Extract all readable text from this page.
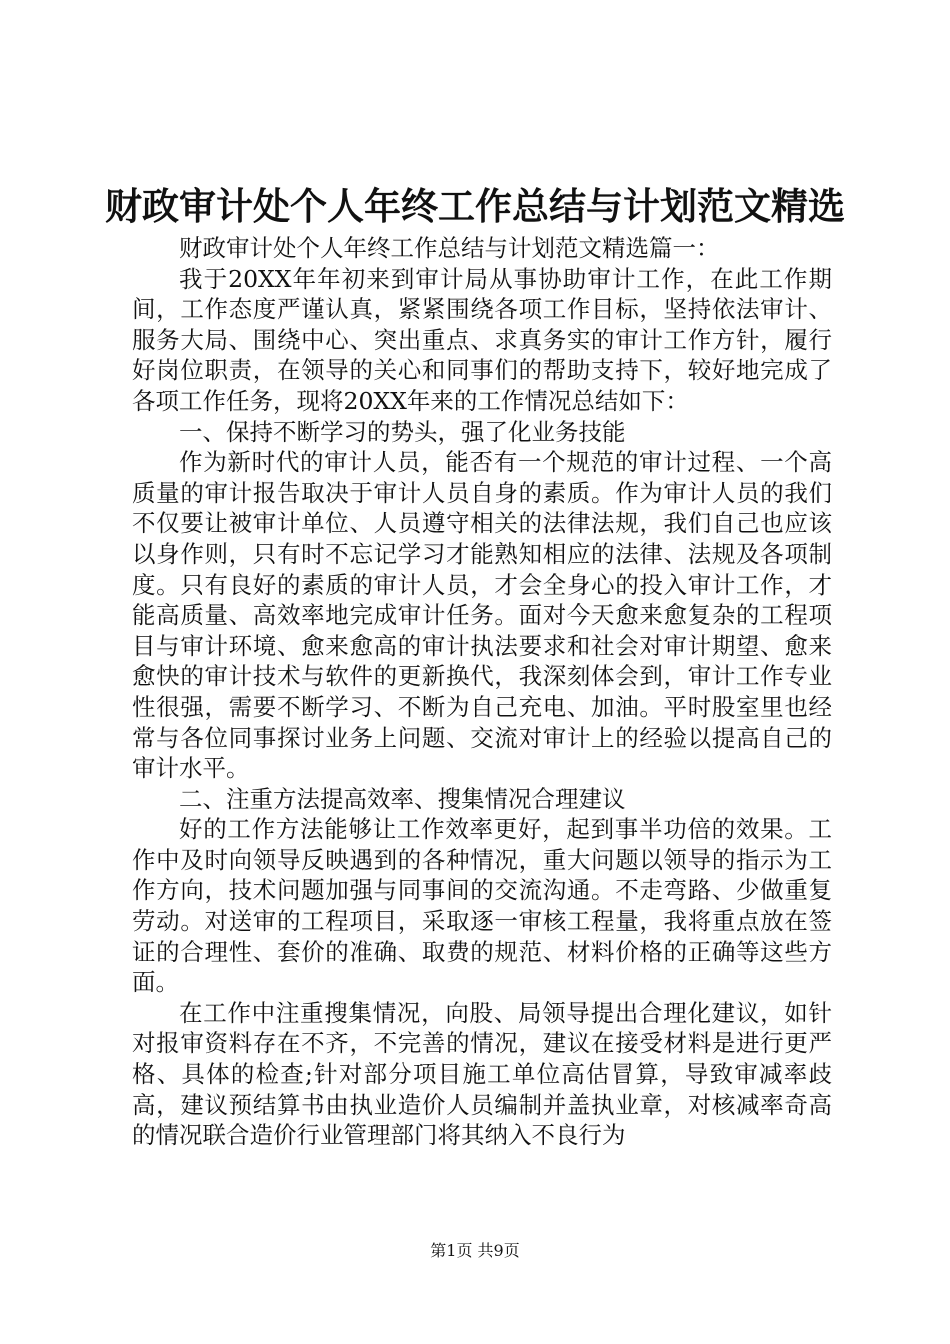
财政审计处个人年终工作总结与计划范文精选

财政审计处个人年终工作总结与计划范文精选篇一：

我于20XX年年初来到审计局从事协助审计工作，在此工作期间，工作态度严谨认真，紧紧围绕各项工作目标，坚持依法审计、服务大局、围绕中心、突出重点、求真务实的审计工作方针，履行好岗位职责，在领导的关心和同事们的帮助支持下，较好地完成了各项工作任务，现将20XX年来的工作情况总结如下：

一、保持不断学习的势头，强了化业务技能

作为新时代的审计人员，能否有一个规范的审计过程、一个高质量的审计报告取决于审计人员自身的素质。作为审计人员的我们不仅要让被审计单位、人员遵守相关的法律法规，我们自己也应该以身作则，只有时不忘记学习才能熟知相应的法律、法规及各项制度。只有良好的素质的审计人员，才会全身心的投入审计工作，才能高质量、高效率地完成审计任务。面对今天愈来愈复杂的工程项目与审计环境、愈来愈高的审计执法要求和社会对审计期望、愈来愈快的审计技术与软件的更新换代，我深刻体会到，审计工作专业性很强，需要不断学习、不断为自己充电、加油。平时股室里也经常与各位同事探讨业务上问题、交流对审计上的经验以提高自己的审计水平。

二、注重方法提高效率、搜集情况合理建议

好的工作方法能够让工作效率更好，起到事半功倍的效果。工作中及时向领导反映遇到的各种情况，重大问题以领导的指示为工作方向，技术问题加强与同事间的交流沟通。不走弯路、少做重复劳动。对送审的工程项目，采取逐一审核工程量，我将重点放在签证的合理性、套价的准确、取费的规范、材料价格的正确等这些方面。

在工作中注重搜集情况，向股、局领导提出合理化建议，如针对报审资料存在不齐，不完善的情况，建议在接受材料是进行更严格、具体的检查;针对部分项目施工单位高估冒算，导致审减率歧高，建议预结算书由执业造价人员编制并盖执业章，对核减率奇高的情况联合造价行业管理部门将其纳入不良行为

第1页 共9页
